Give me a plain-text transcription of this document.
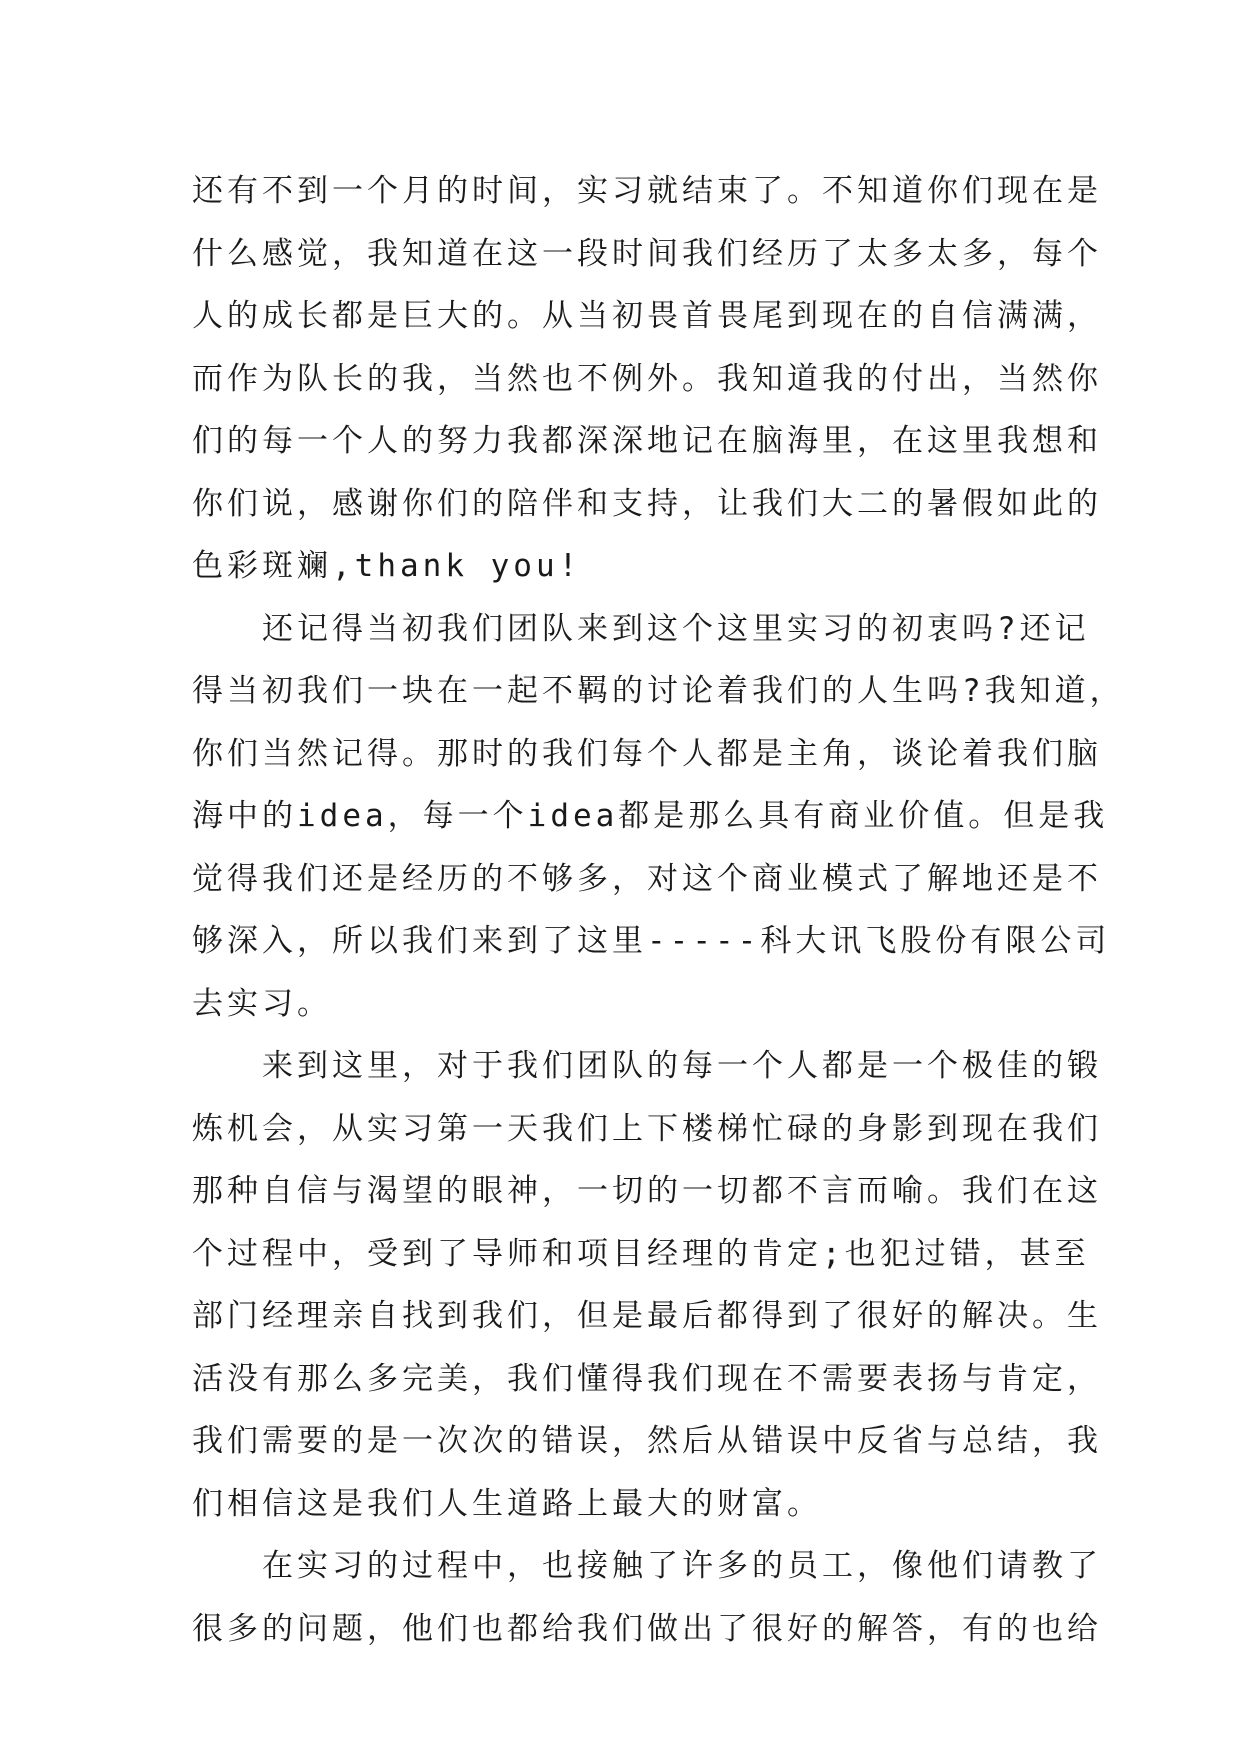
还有不到一个月的时间，实习就结束了。不知道你们现在是
什么感觉，我知道在这一段时间我们经历了太多太多，每个
人的成长都是巨大的。从当初畏首畏尾到现在的自信满满，
而作为队长的我，当然也不例外。我知道我的付出，当然你
们的每一个人的努力我都深深地记在脑海里，在这里我想和
你们说，感谢你们的陪伴和支持，让我们大二的暑假如此的
色彩斑斓,thank you!
　　还记得当初我们团队来到这个这里实习的初衷吗?还记
得当初我们一块在一起不羁的讨论着我们的人生吗?我知道，
你们当然记得。那时的我们每个人都是主角，谈论着我们脑
海中的idea，每一个idea都是那么具有商业价值。但是我
觉得我们还是经历的不够多，对这个商业模式了解地还是不
够深入，所以我们来到了这里-----科大讯飞股份有限公司
去实习。
　　来到这里，对于我们团队的每一个人都是一个极佳的锻
炼机会，从实习第一天我们上下楼梯忙碌的身影到现在我们
那种自信与渴望的眼神，一切的一切都不言而喻。我们在这
个过程中，受到了导师和项目经理的肯定;也犯过错，甚至
部门经理亲自找到我们，但是最后都得到了很好的解决。生
活没有那么多完美，我们懂得我们现在不需要表扬与肯定，
我们需要的是一次次的错误，然后从错误中反省与总结，我
们相信这是我们人生道路上最大的财富。
　　在实习的过程中，也接触了许多的员工，像他们请教了
很多的问题，他们也都给我们做出了很好的解答，有的也给
